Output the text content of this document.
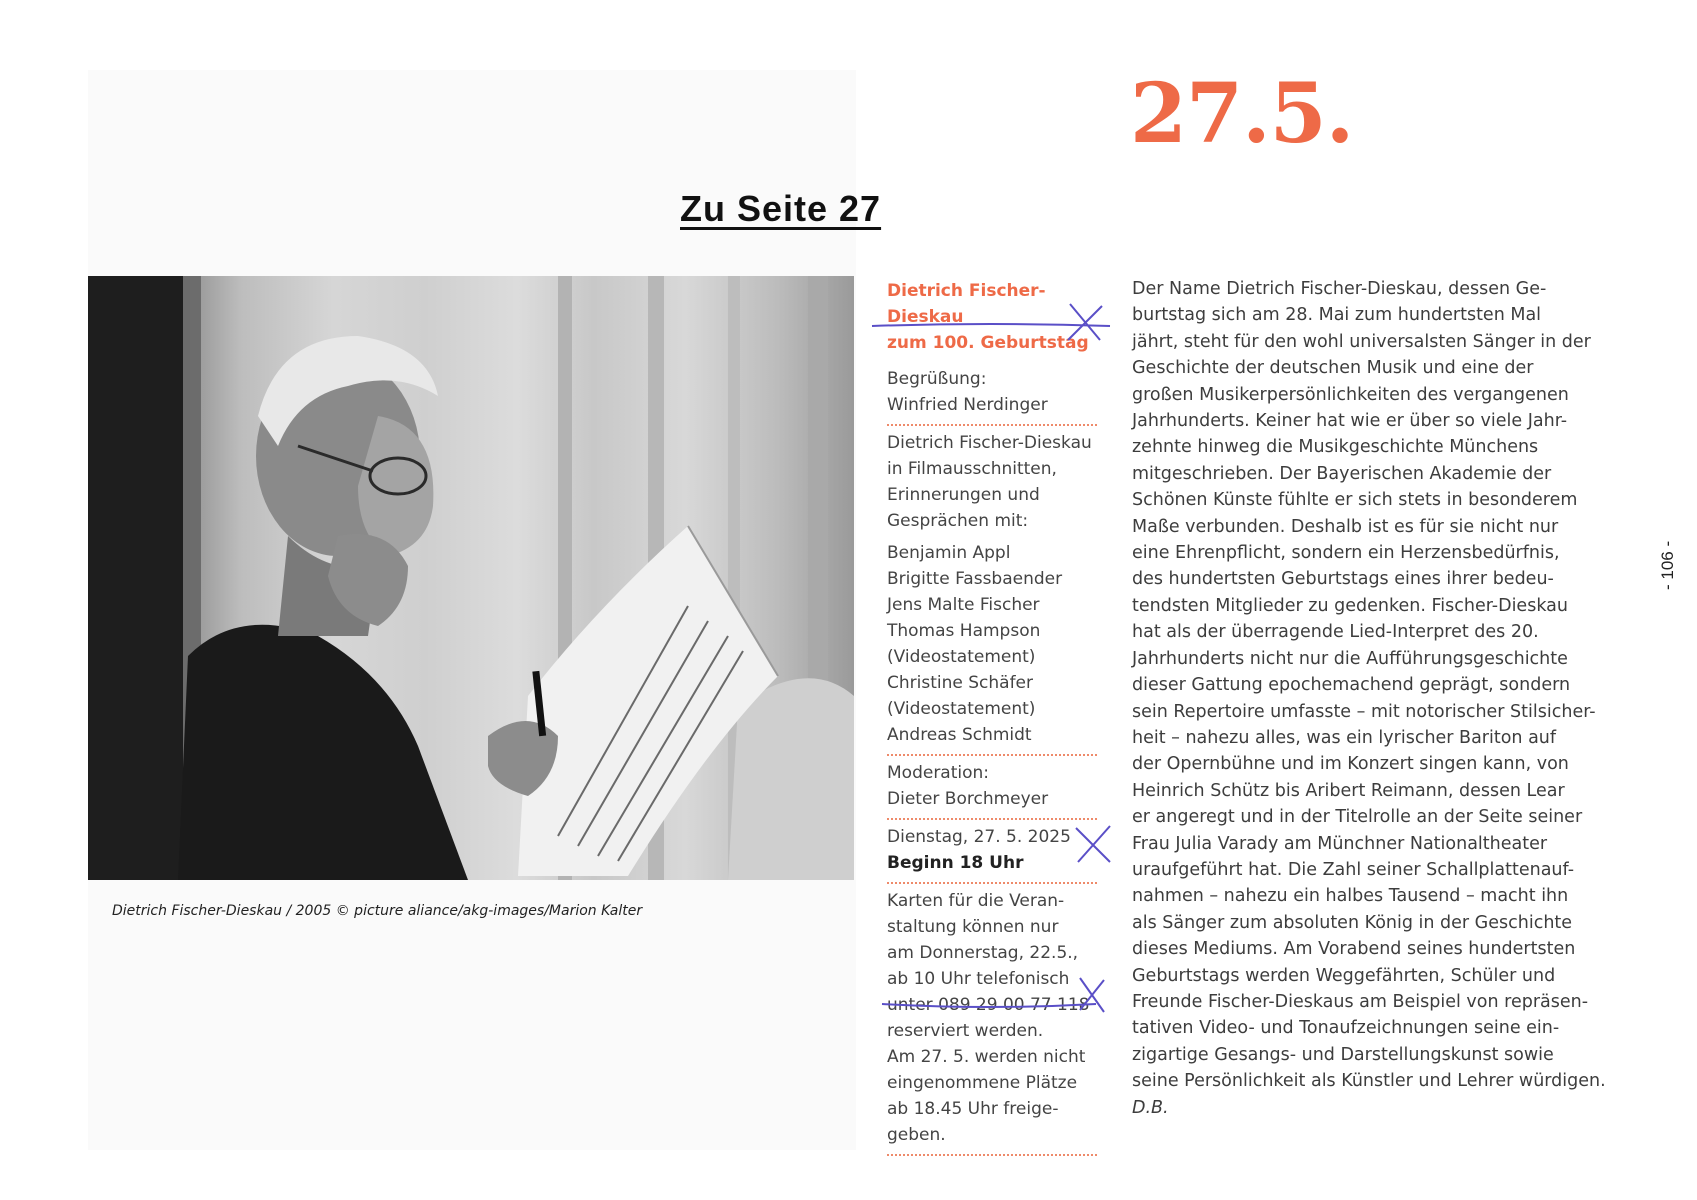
Zu Seite 27
27.5.
Dietrich Fischer-Dieskau / 2005 © picture aliance/akg-images/Marion Kalter
Dietrich Fischer-Dieskau
zum 100. Geburtstag
Begrüßung:
Winfried Nerdinger
Dietrich Fischer-Dieskau
in Filmausschnitten,
Erinnerungen und
Gesprächen mit:
Benjamin Appl
Brigitte Fassbaender
Jens Malte Fischer
Thomas Hampson
(Videostatement)
Christine Schäfer
(Videostatement)
Andreas Schmidt
Moderation:
Dieter Borchmeyer
Dienstag, 27. 5. 2025
Beginn 18 Uhr
Karten für die Veran-
staltung können nur
am Donnerstag, 22.5.,
ab 10 Uhr telefonisch
unter 089 29 00 77 118
reserviert werden.
Am 27. 5. werden nicht
eingenommene Plätze
ab 18.45 Uhr freige-
geben.
Der Name Dietrich Fischer-Dieskau, dessen Ge-
burtstag sich am 28. Mai zum hundertsten Mal
jährt, steht für den wohl universalsten Sänger in der
Geschichte der deutschen Musik und eine der
großen Musikerpersönlichkeiten des vergangenen
Jahrhunderts. Keiner hat wie er über so viele Jahr-
zehnte hinweg die Musikgeschichte Münchens
mitgeschrieben. Der Bayerischen Akademie der
Schönen Künste fühlte er sich stets in besonderem
Maße verbunden. Deshalb ist es für sie nicht nur
eine Ehrenpflicht, sondern ein Herzensbedürfnis,
des hundertsten Geburtstags eines ihrer bedeu-
tendsten Mitglieder zu gedenken. Fischer-Dieskau
hat als der überragende Lied-Interpret des 20.
Jahrhunderts nicht nur die Aufführungsgeschichte
dieser Gattung epochemachend geprägt, sondern
sein Repertoire umfasste – mit notorischer Stilsicher-
heit – nahezu alles, was ein lyrischer Bariton auf
der Opernbühne und im Konzert singen kann, von
Heinrich Schütz bis Aribert Reimann, dessen Lear
er angeregt und in der Titelrolle an der Seite seiner
Frau Julia Varady am Münchner Nationaltheater
uraufgeführt hat. Die Zahl seiner Schallplattenauf-
nahmen – nahezu ein halbes Tausend – macht ihn
als Sänger zum absoluten König in der Geschichte
dieses Mediums. Am Vorabend seines hundertsten
Geburtstags werden Weggefährten, Schüler und
Freunde Fischer-Dieskaus am Beispiel von repräsen-
tativen Video- und Tonaufzeichnungen seine ein-
zigartige Gesangs- und Darstellungskunst sowie
seine Persönlichkeit als Künstler und Lehrer würdigen.
D.B.
- 106 -
